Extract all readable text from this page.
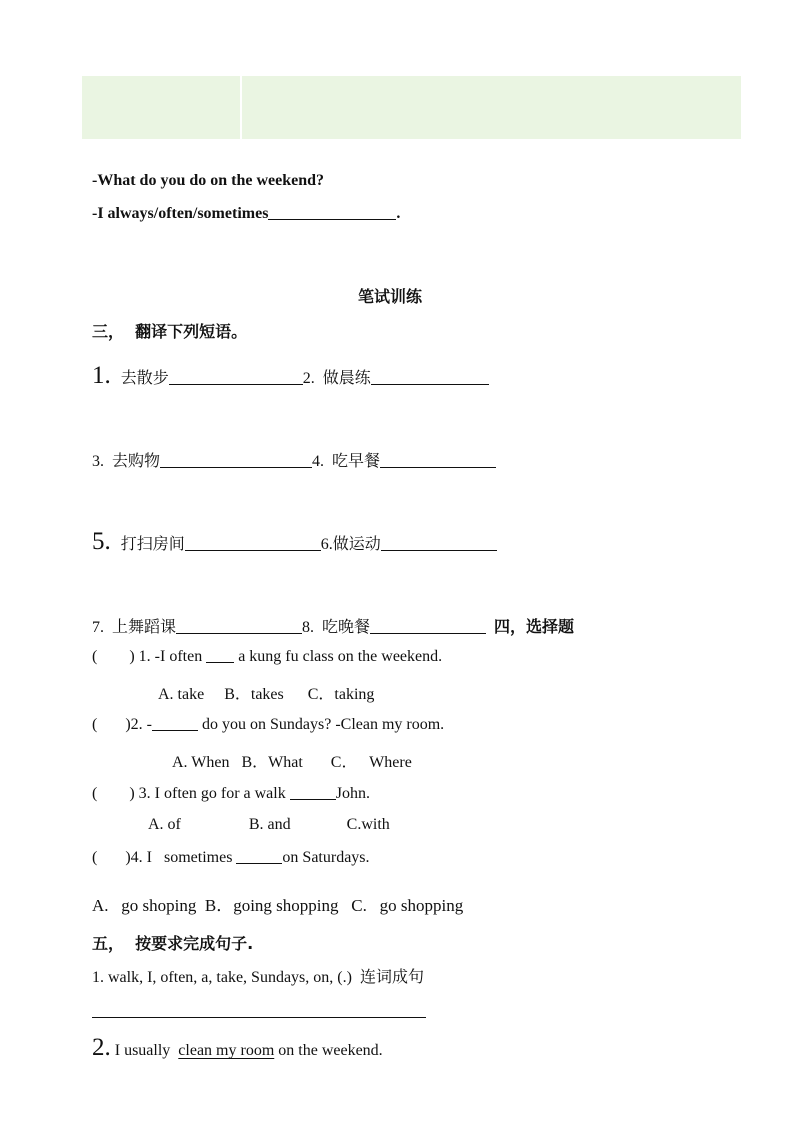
-What do you do on the weekend?
-I always/often/sometimes	.
笔试训练
三，  翻译下列短语。
1. 去散步	2. 做晨练
3. 去购物	4. 吃早餐
5. 打扫房间	6.做运动
7. 上舞蹈课	8. 吃晚餐	四，选择题
(        ) 1. -I often a kung fu class on the weekend.
A. take     B．takes      C．taking
(       )2. -	do you on Sundays? -Clean my room.
A. When   B．What       C．   Where
(        ) 3. I often go for a walk	John.
A. of                 B. and              C.with
(       )4. I   sometimes	on Saturdays.
A.   go shoping  B．going shopping   C.   go shopping
五，  按要求完成句子.
1. walk, I, often, a, take, Sundays, on, (.)  连词成句
2. I usually clean my room on the weekend.
